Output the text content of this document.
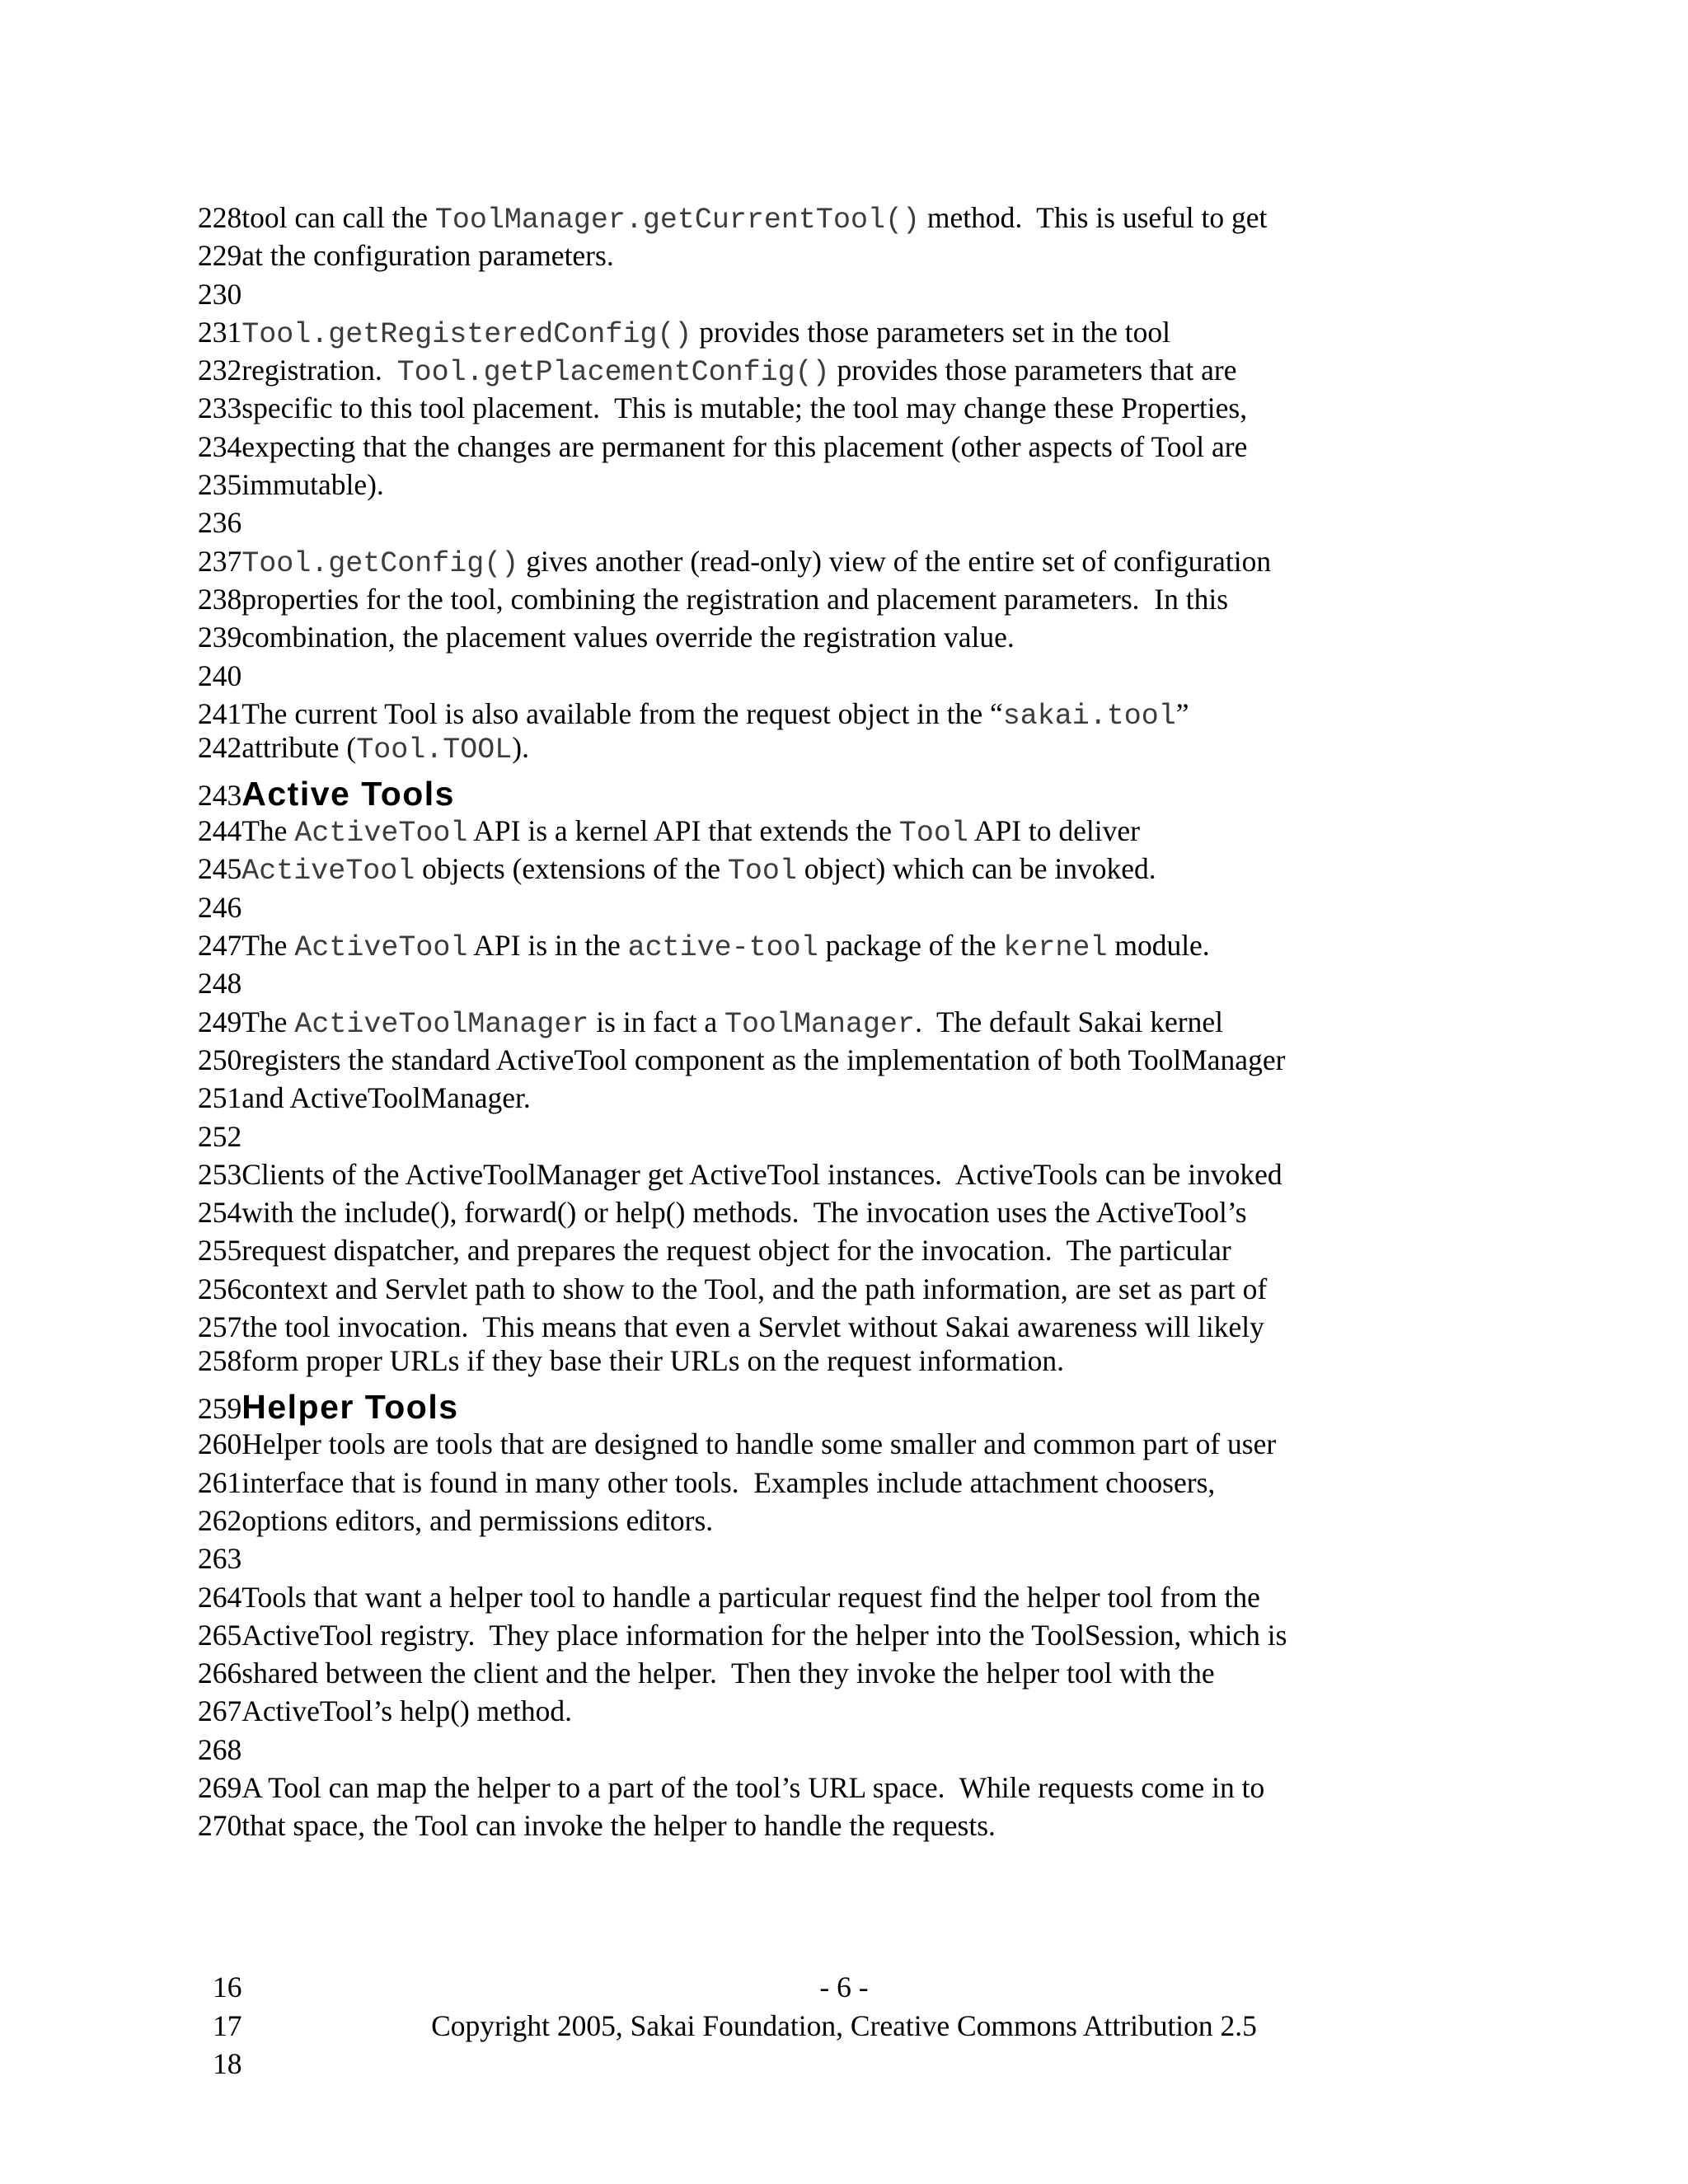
228tool can call the ToolManager.getCurrentTool() method.  This is useful to get
229at the configuration parameters.
230
231Tool.getRegisteredConfig() provides those parameters set in the tool
232registration.  Tool.getPlacementConfig() provides those parameters that are
233specific to this tool placement.  This is mutable; the tool may change these Properties,
234expecting that the changes are permanent for this placement (other aspects of Tool are
235immutable).
236
237Tool.getConfig() gives another (read-only) view of the entire set of configuration
238properties for the tool, combining the registration and placement parameters.  In this
239combination, the placement values override the registration value.
240
241The current Tool is also available from the request object in the “sakai.tool”
242attribute (Tool.TOOL).
243Active Tools
244The ActiveTool API is a kernel API that extends the Tool API to deliver
245ActiveTool objects (extensions of the Tool object) which can be invoked.
246
247The ActiveTool API is in the active-tool package of the kernel module.
248
249The ActiveToolManager is in fact a ToolManager.  The default Sakai kernel
250registers the standard ActiveTool component as the implementation of both ToolManager
251and ActiveToolManager.
252
253Clients of the ActiveToolManager get ActiveTool instances.  ActiveTools can be invoked
254with the include(), forward() or help() methods.  The invocation uses the ActiveTool’s
255request dispatcher, and prepares the request object for the invocation.  The particular
256context and Servlet path to show to the Tool, and the path information, are set as part of
257the tool invocation.  This means that even a Servlet without Sakai awareness will likely
258form proper URLs if they base their URLs on the request information.
259Helper Tools
260Helper tools are tools that are designed to handle some smaller and common part of user
261interface that is found in many other tools.  Examples include attachment choosers,
262options editors, and permissions editors.
263
264Tools that want a helper tool to handle a particular request find the helper tool from the
265ActiveTool registry.  They place information for the helper into the ToolSession, which is
266shared between the client and the helper.  Then they invoke the helper tool with the
267ActiveTool’s help() method.
268
269A Tool can map the helper to a part of the tool’s URL space.  While requests come in to
270that space, the Tool can invoke the helper to handle the requests.
- 6 -
16
Copyright 2005, Sakai Foundation, Creative Commons Attribution 2.5
17
18
